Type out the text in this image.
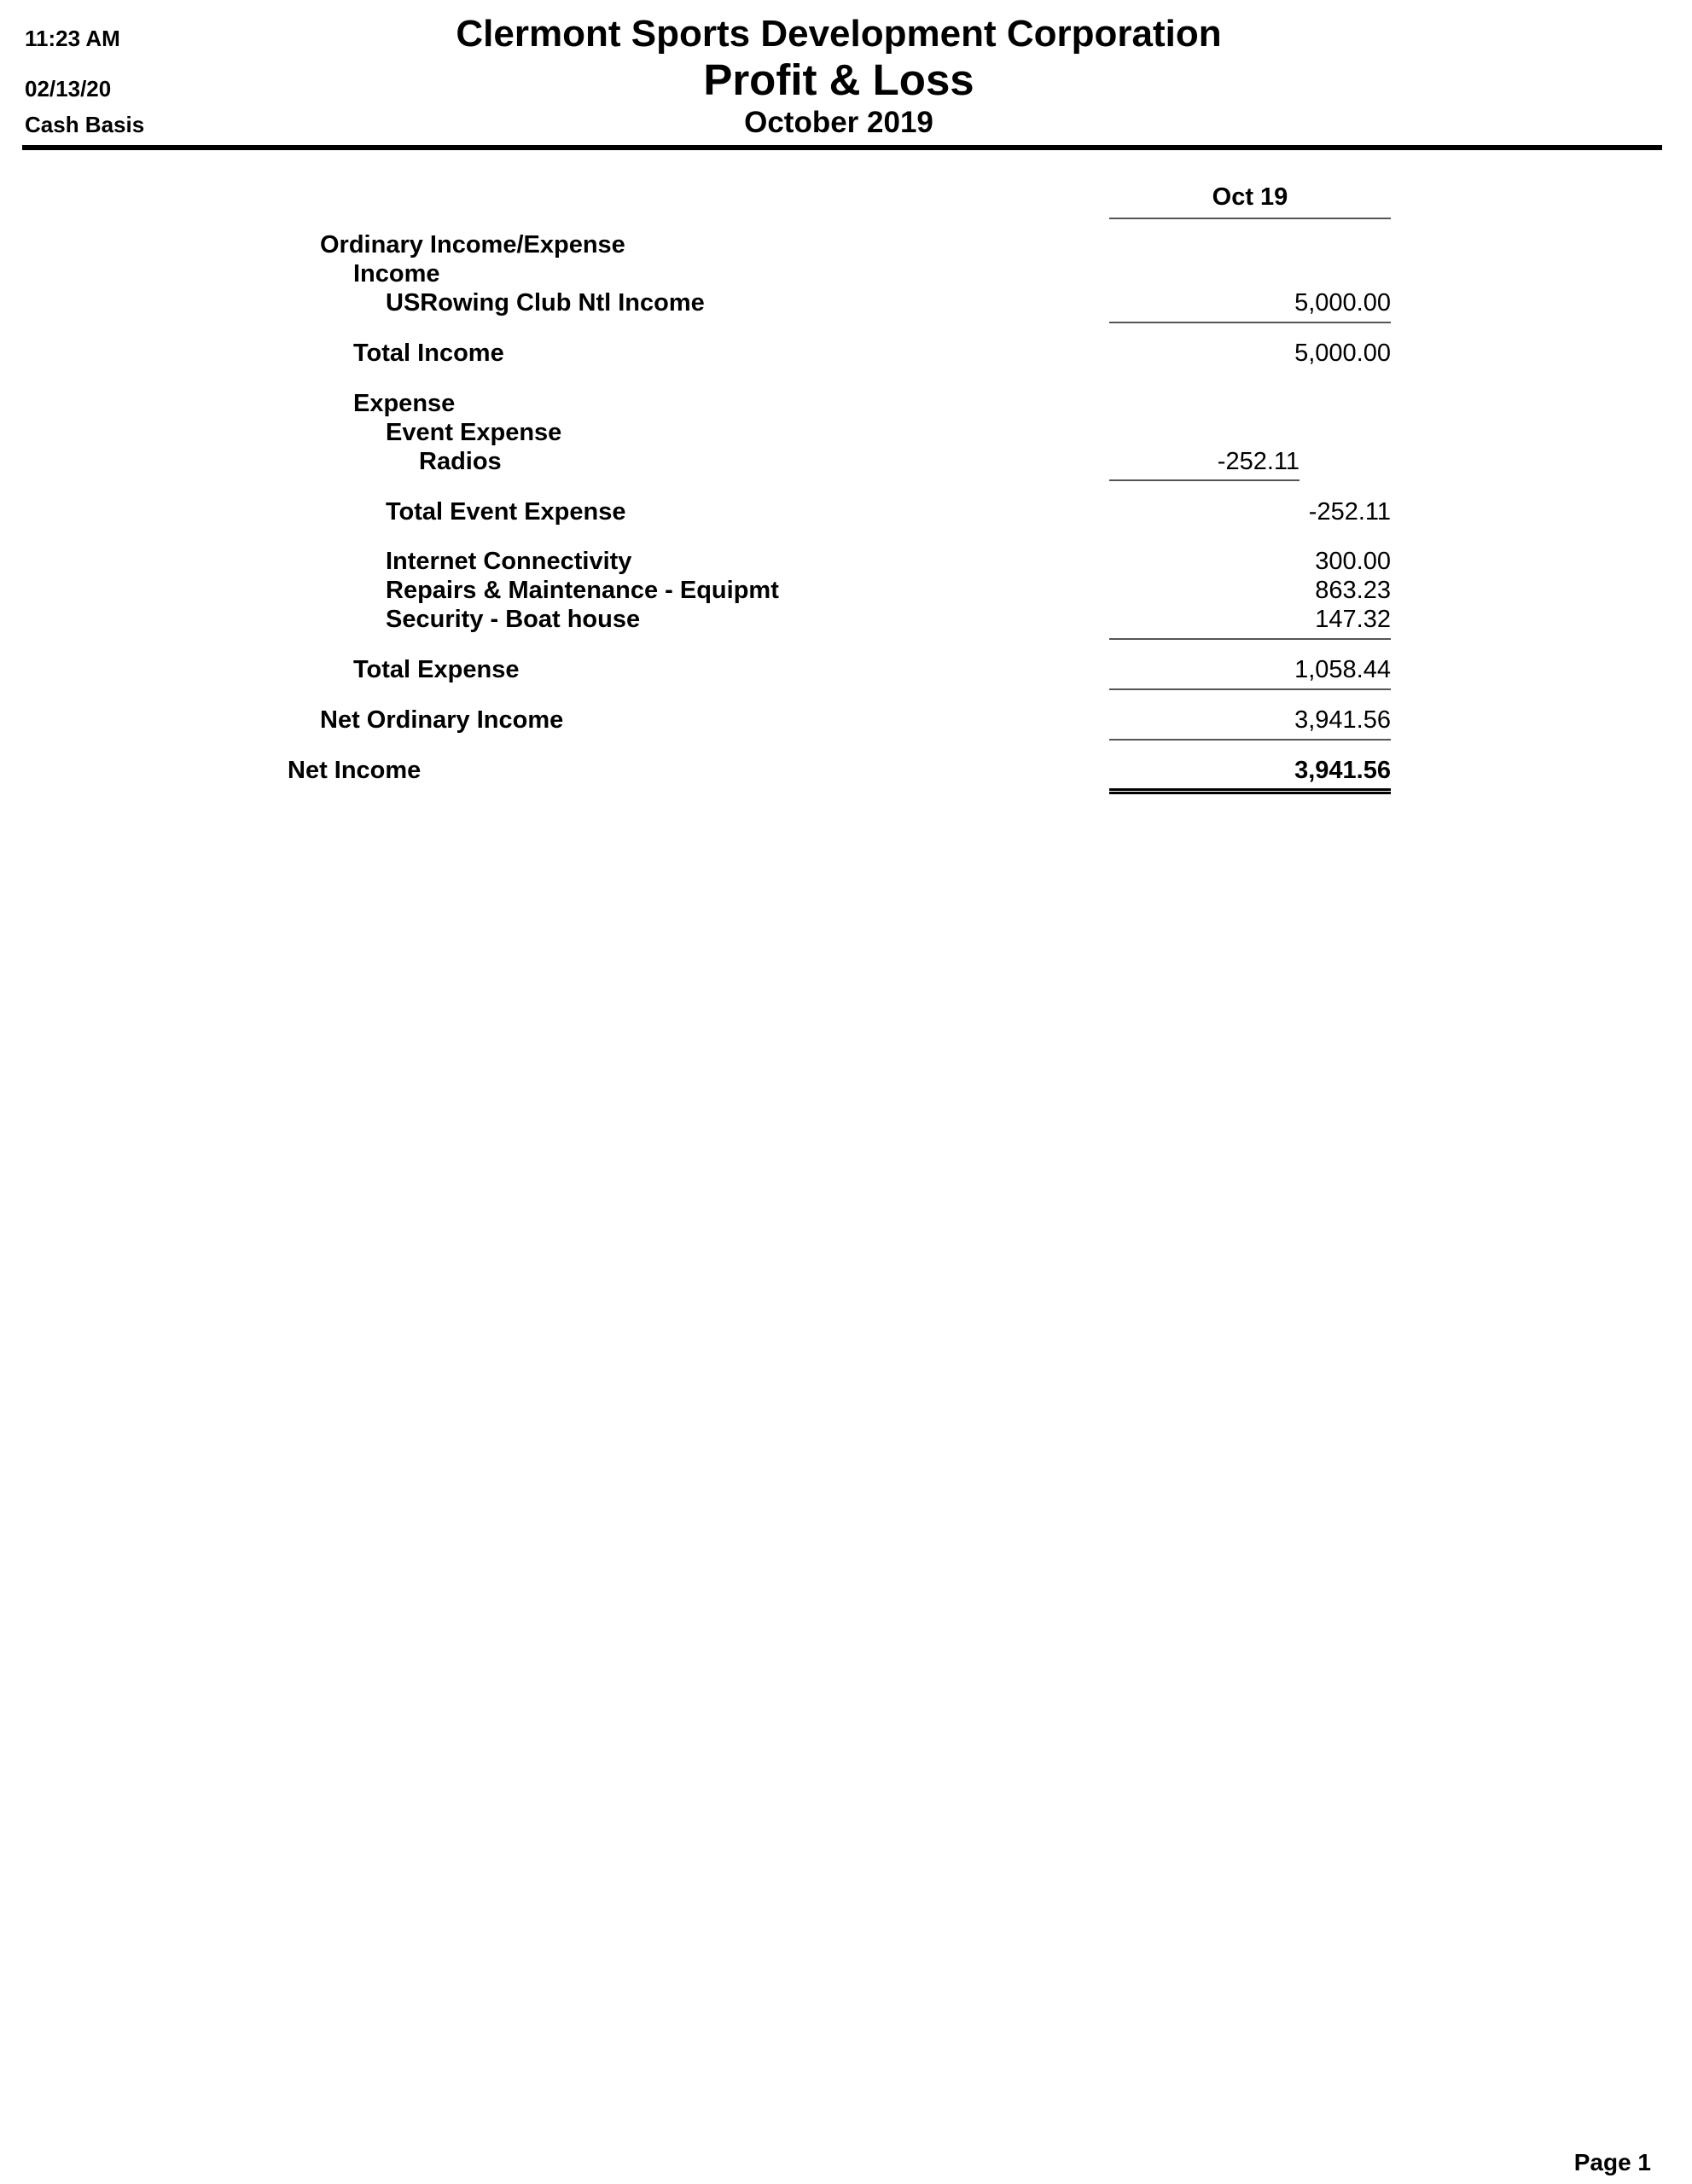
11:23 AM
02/13/20
Cash Basis
Clermont Sports Development Corporation
Profit & Loss
October 2019
Oct 19
Ordinary Income/Expense
Income
USRowing Club Ntl Income	5,000.00
Total Income	5,000.00
Expense
Event Expense
Radios	-252.11
Total Event Expense	-252.11
Internet Connectivity	300.00
Repairs & Maintenance - Equipmt	863.23
Security - Boat house	147.32
Total Expense	1,058.44
Net Ordinary Income	3,941.56
Net Income	3,941.56
Page 1
